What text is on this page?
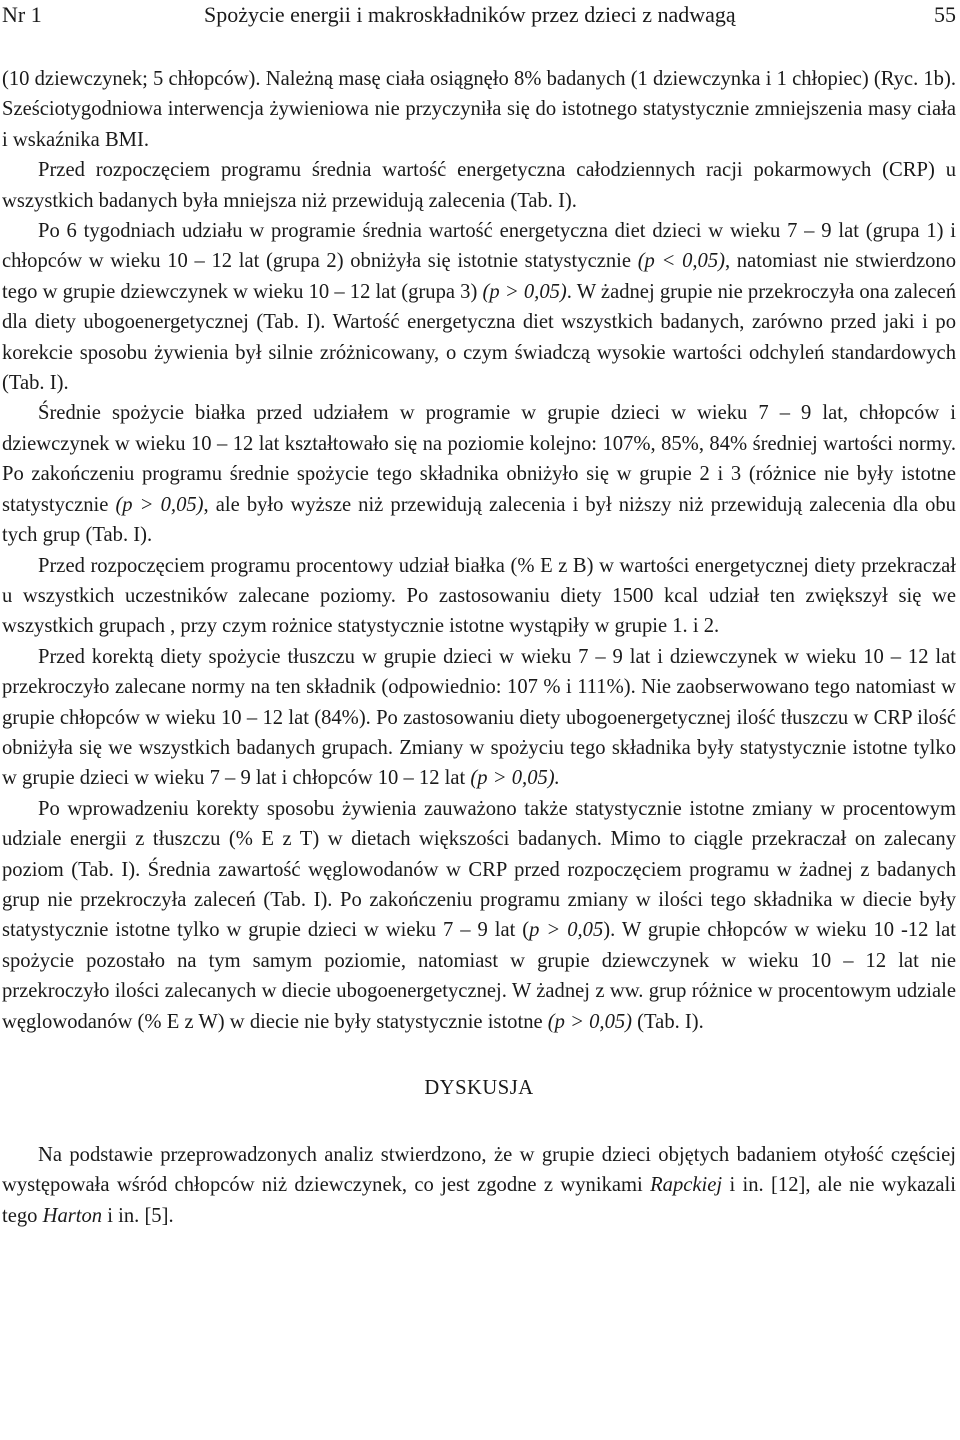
Nr 1	Spożycie energii i makroskładników przez dzieci z nadwagą	55

(10 dziewczynek; 5 chłopców). Należną masę ciała osiągnęło 8% badanych (1 dziewczynka i 1 chłopiec) (Ryc. 1b). Sześciotygodniowa interwencja żywieniowa nie przyczyniła się do istotnego statystycznie zmniejszenia masy ciała i wskaźnika BMI.

Przed rozpoczęciem programu średnia wartość energetyczna całodziennych racji pokarmowych (CRP) u wszystkich badanych była mniejsza niż przewidują zalecenia (Tab. I).

Po 6 tygodniach udziału w programie średnia wartość energetyczna diet dzieci w wieku 7 – 9 lat (grupa 1) i chłopców w wieku 10 – 12 lat (grupa 2) obniżyła się istotnie statystycznie (p < 0,05), natomiast nie stwierdzono tego w grupie dziewczynek w wieku 10 – 12 lat (grupa 3) (p > 0,05). W żadnej grupie nie przekroczyła ona zaleceń dla diety ubogoenergetycznej (Tab. I). Wartość energetyczna diet wszystkich badanych, zarówno przed jaki i po korekcie sposobu żywienia był silnie zróżnicowany, o czym świadczą wysokie wartości odchyleń standardowych (Tab. I).

Średnie spożycie białka przed udziałem w programie w grupie dzieci w wieku 7 – 9 lat, chłopców i dziewczynek w wieku 10 – 12 lat kształtowało się na poziomie kolejno: 107%, 85%, 84% średniej wartości normy. Po zakończeniu programu średnie spożycie tego składnika obniżyło się w grupie 2 i 3 (różnice nie były istotne statystycznie (p > 0,05), ale było wyższe niż przewidują zalecenia i był niższy niż przewidują zalecenia dla obu tych grup (Tab. I).

Przed rozpoczęciem programu procentowy udział białka (% E z B) w wartości energetycznej diety przekraczał u wszystkich uczestników zalecane poziomy. Po zastosowaniu diety 1500 kcal udział ten zwiększył się we wszystkich grupach , przy czym rożnice statystycznie istotne wystąpiły w grupie 1. i 2.

Przed korektą diety spożycie tłuszczu w grupie dzieci w wieku 7 – 9 lat i dziewczynek w wieku 10 – 12 lat przekroczyło zalecane normy na ten składnik (odpowiednio: 107 % i 111%). Nie zaobserwowano tego natomiast w grupie chłopców w wieku 10 – 12 lat (84%). Po zastosowaniu diety ubogoenergetycznej ilość tłuszczu w CRP ilość obniżyła się we wszystkich badanych grupach. Zmiany w spożyciu tego składnika były statystycznie istotne tylko w grupie dzieci w wieku 7 – 9 lat i chłopców 10 – 12 lat (p > 0,05).

Po wprowadzeniu korekty sposobu żywienia zauważono także statystycznie istotne zmiany w procentowym udziale energii z tłuszczu (% E z T) w dietach większości badanych. Mimo to ciągle przekraczał on zalecany poziom (Tab. I). Średnia zawartość węglowodanów w CRP przed rozpoczęciem programu w żadnej z badanych grup nie przekroczyła zaleceń (Tab. I). Po zakończeniu programu zmiany w ilości tego składnika w diecie były statystycznie istotne tylko w grupie dzieci w wieku 7 – 9 lat (p > 0,05). W grupie chłopców w wieku 10 -12 lat spożycie pozostało na tym samym poziomie, natomiast w grupie dziewczynek w wieku 10 – 12 lat nie przekroczyło ilości zalecanych w diecie ubogoenergetycznej. W żadnej z ww. grup różnice w procentowym udziale węglowodanów (% E z W) w diecie nie były statystycznie istotne (p > 0,05) (Tab. I).

DYSKUSJA

Na podstawie przeprowadzonych analiz stwierdzono, że w grupie dzieci objętych badaniem otyłość częściej występowała wśród chłopców niż dziewczynek, co jest zgodne z wynikami Rapckiej i in. [12], ale nie wykazali tego Harton i in. [5].
